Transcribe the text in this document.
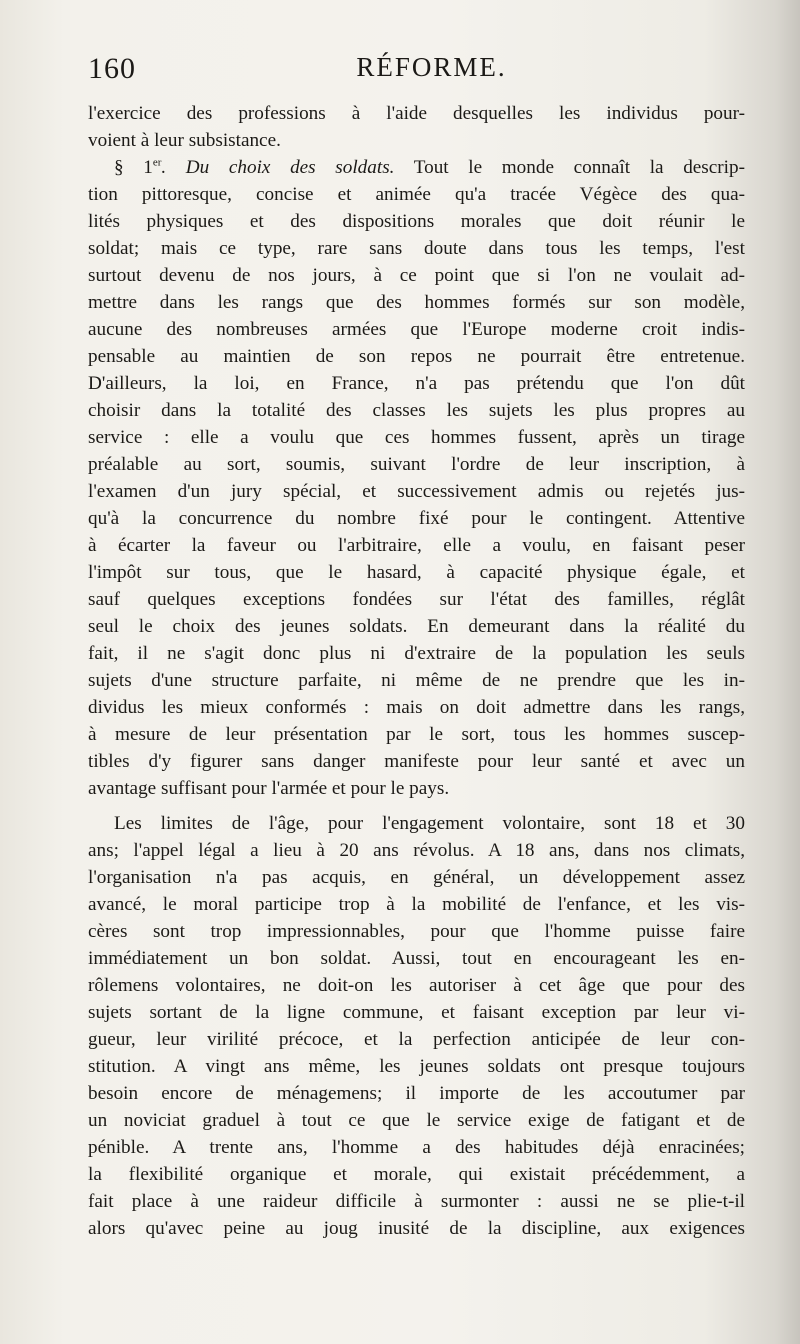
160	RÉFORME.
l'exercice des professions à l'aide desquelles les individus pour-
voient à leur subsistance.
§ 1er. Du choix des soldats. Tout le monde connaît la descrip-
tion pittoresque, concise et animée qu'a tracée Végèce des qua-
lités physiques et des dispositions morales que doit réunir le
soldat; mais ce type, rare sans doute dans tous les temps, l'est
surtout devenu de nos jours, à ce point que si l'on ne voulait ad-
mettre dans les rangs que des hommes formés sur son modèle,
aucune des nombreuses armées que l'Europe moderne croit indis-
pensable au maintien de son repos ne pourrait être entretenue.
D'ailleurs, la loi, en France, n'a pas prétendu que l'on dût
choisir dans la totalité des classes les sujets les plus propres au
service : elle a voulu que ces hommes fussent, après un tirage
préalable au sort, soumis, suivant l'ordre de leur inscription, à
l'examen d'un jury spécial, et successivement admis ou rejetés jus-
qu'à la concurrence du nombre fixé pour le contingent. Attentive
à écarter la faveur ou l'arbitraire, elle a voulu, en faisant peser
l'impôt sur tous, que le hasard, à capacité physique égale, et
sauf quelques exceptions fondées sur l'état des familles, réglât
seul le choix des jeunes soldats. En demeurant dans la réalité du
fait, il ne s'agit donc plus ni d'extraire de la population les seuls
sujets d'une structure parfaite, ni même de ne prendre que les in-
dividus les mieux conformés : mais on doit admettre dans les rangs,
à mesure de leur présentation par le sort, tous les hommes suscep-
tibles d'y figurer sans danger manifeste pour leur santé et avec un
avantage suffisant pour l'armée et pour le pays.
Les limites de l'âge, pour l'engagement volontaire, sont 18 et 30
ans; l'appel légal a lieu à 20 ans révolus. A 18 ans, dans nos climats,
l'organisation n'a pas acquis, en général, un développement assez
avancé, le moral participe trop à la mobilité de l'enfance, et les vis-
cères sont trop impressionnables, pour que l'homme puisse faire
immédiatement un bon soldat. Aussi, tout en encourageant les en-
rôlemens volontaires, ne doit-on les autoriser à cet âge que pour des
sujets sortant de la ligne commune, et faisant exception par leur vi-
gueur, leur virilité précoce, et la perfection anticipée de leur con-
stitution. A vingt ans même, les jeunes soldats ont presque toujours
besoin encore de ménagemens; il importe de les accoutumer par
un noviciat graduel à tout ce que le service exige de fatigant et de
pénible. A trente ans, l'homme a des habitudes déjà enracinées;
la flexibilité organique et morale, qui existait précédemment, a
fait place à une raideur difficile à surmonter : aussi ne se plie-t-il
alors qu'avec peine au joug inusité de la discipline, aux exigences
